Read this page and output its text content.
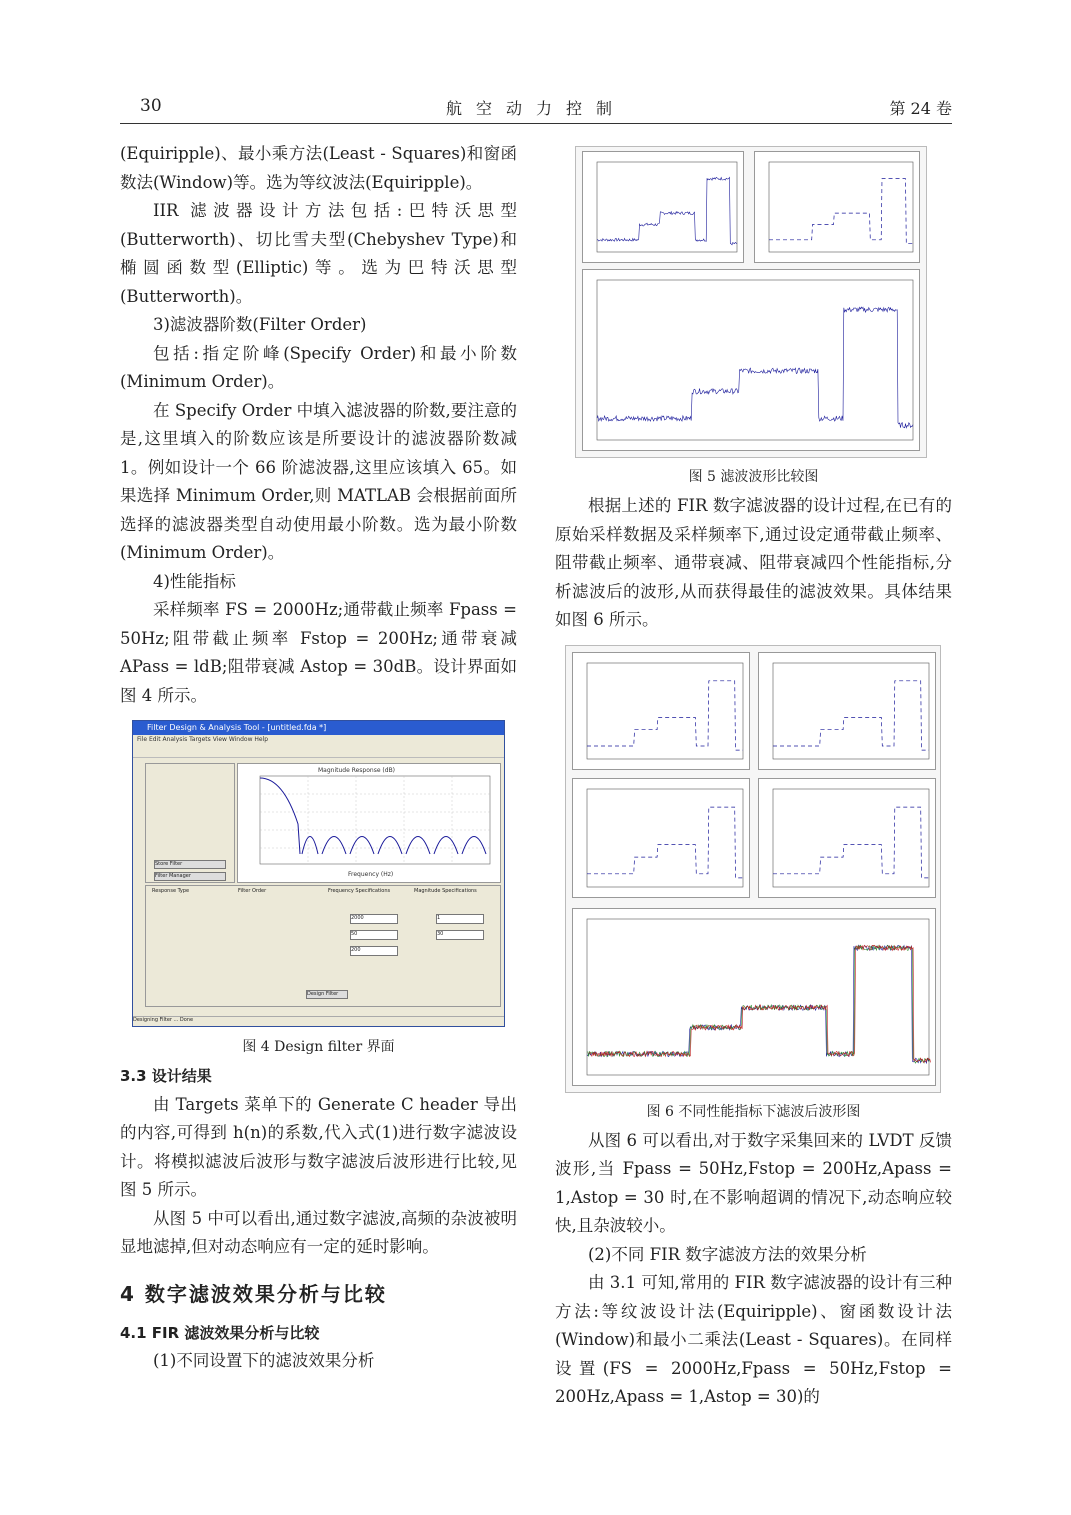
30	航空动力控制	第 24 卷

(Equiripple)、最小乘方法(Least - Squares)和窗函数法(Window)等。选为等纹波法(Equiripple)。

IIR 滤波器设计方法包括:巴特沃思型(Butterworth)、切比雪夫型(Chebyshev Type)和椭圆函数型(Elliptic)等。选为巴特沃思型(Butterworth)。

3)滤波器阶数(Filter Order)

包括:指定阶峰(Specify Order)和最小阶数(Minimum Order)。

在 Specify Order 中填入滤波器的阶数,要注意的是,这里填入的阶数应该是所要设计的滤波器阶数减 1。例如设计一个 66 阶滤波器,这里应该填入 65。如果选择 Minimum Order,则 MATLAB 会根据前面所选择的滤波器类型自动使用最小阶数。选为最小阶数(Minimum Order)。

4)性能指标

采样频率 FS = 2000Hz;通带截止频率 Fpass = 50Hz;阻带截止频率 Fstop = 200Hz;通带衰减 APass = ldB;阻带衰减 Astop = 30dB。设计界面如图 4 所示。

Filter Design & Analysis Tool - [untitled.fda *]
File Edit Analysis Targets View Window Help
Store Filter
Filter Manager
Magnitude Response (dB)
Frequency (Hz)
Response Type	Filter Order	Frequency Specifications	Magnitude Specifications
2000
50
200
1
30
Design Filter
Designing Filter ... Done

图 4 Design filter 界面

3.3 设计结果

由 Targets 菜单下的 Generate C header 导出的内容,可得到 h(n)的系数,代入式(1)进行数字滤波设计。将模拟滤波后波形与数字滤波后波形进行比较,见图 5 所示。

从图 5 中可以看出,通过数字滤波,高频的杂波被明显地滤掉,但对动态响应有一定的延时影响。

4 数字滤波效果分析与比较

4.1 FIR 滤波效果分析与比较

(1)不同设置下的滤波效果分析

图 5 滤波波形比较图

根据上述的 FIR 数字滤波器的设计过程,在已有的原始采样数据及采样频率下,通过设定通带截止频率、阻带截止频率、通带衰减、阻带衰减四个性能指标,分析滤波后的波形,从而获得最佳的滤波效果。具体结果如图 6 所示。

图 6 不同性能指标下滤波后波形图

从图 6 可以看出,对于数字采集回来的 LVDT 反馈波形,当 Fpass = 50Hz,Fstop = 200Hz,Apass = 1,Astop = 30 时,在不影响超调的情况下,动态响应较快,且杂波较小。

(2)不同 FIR 数字滤波方法的效果分析

由 3.1 可知,常用的 FIR 数字滤波器的设计有三种方法:等纹波设计法(Equiripple)、窗函数设计法(Window)和最小二乘法(Least - Squares)。在同样设置(FS = 2000Hz,Fpass = 50Hz,Fstop = 200Hz,Apass = 1,Astop = 30)的
